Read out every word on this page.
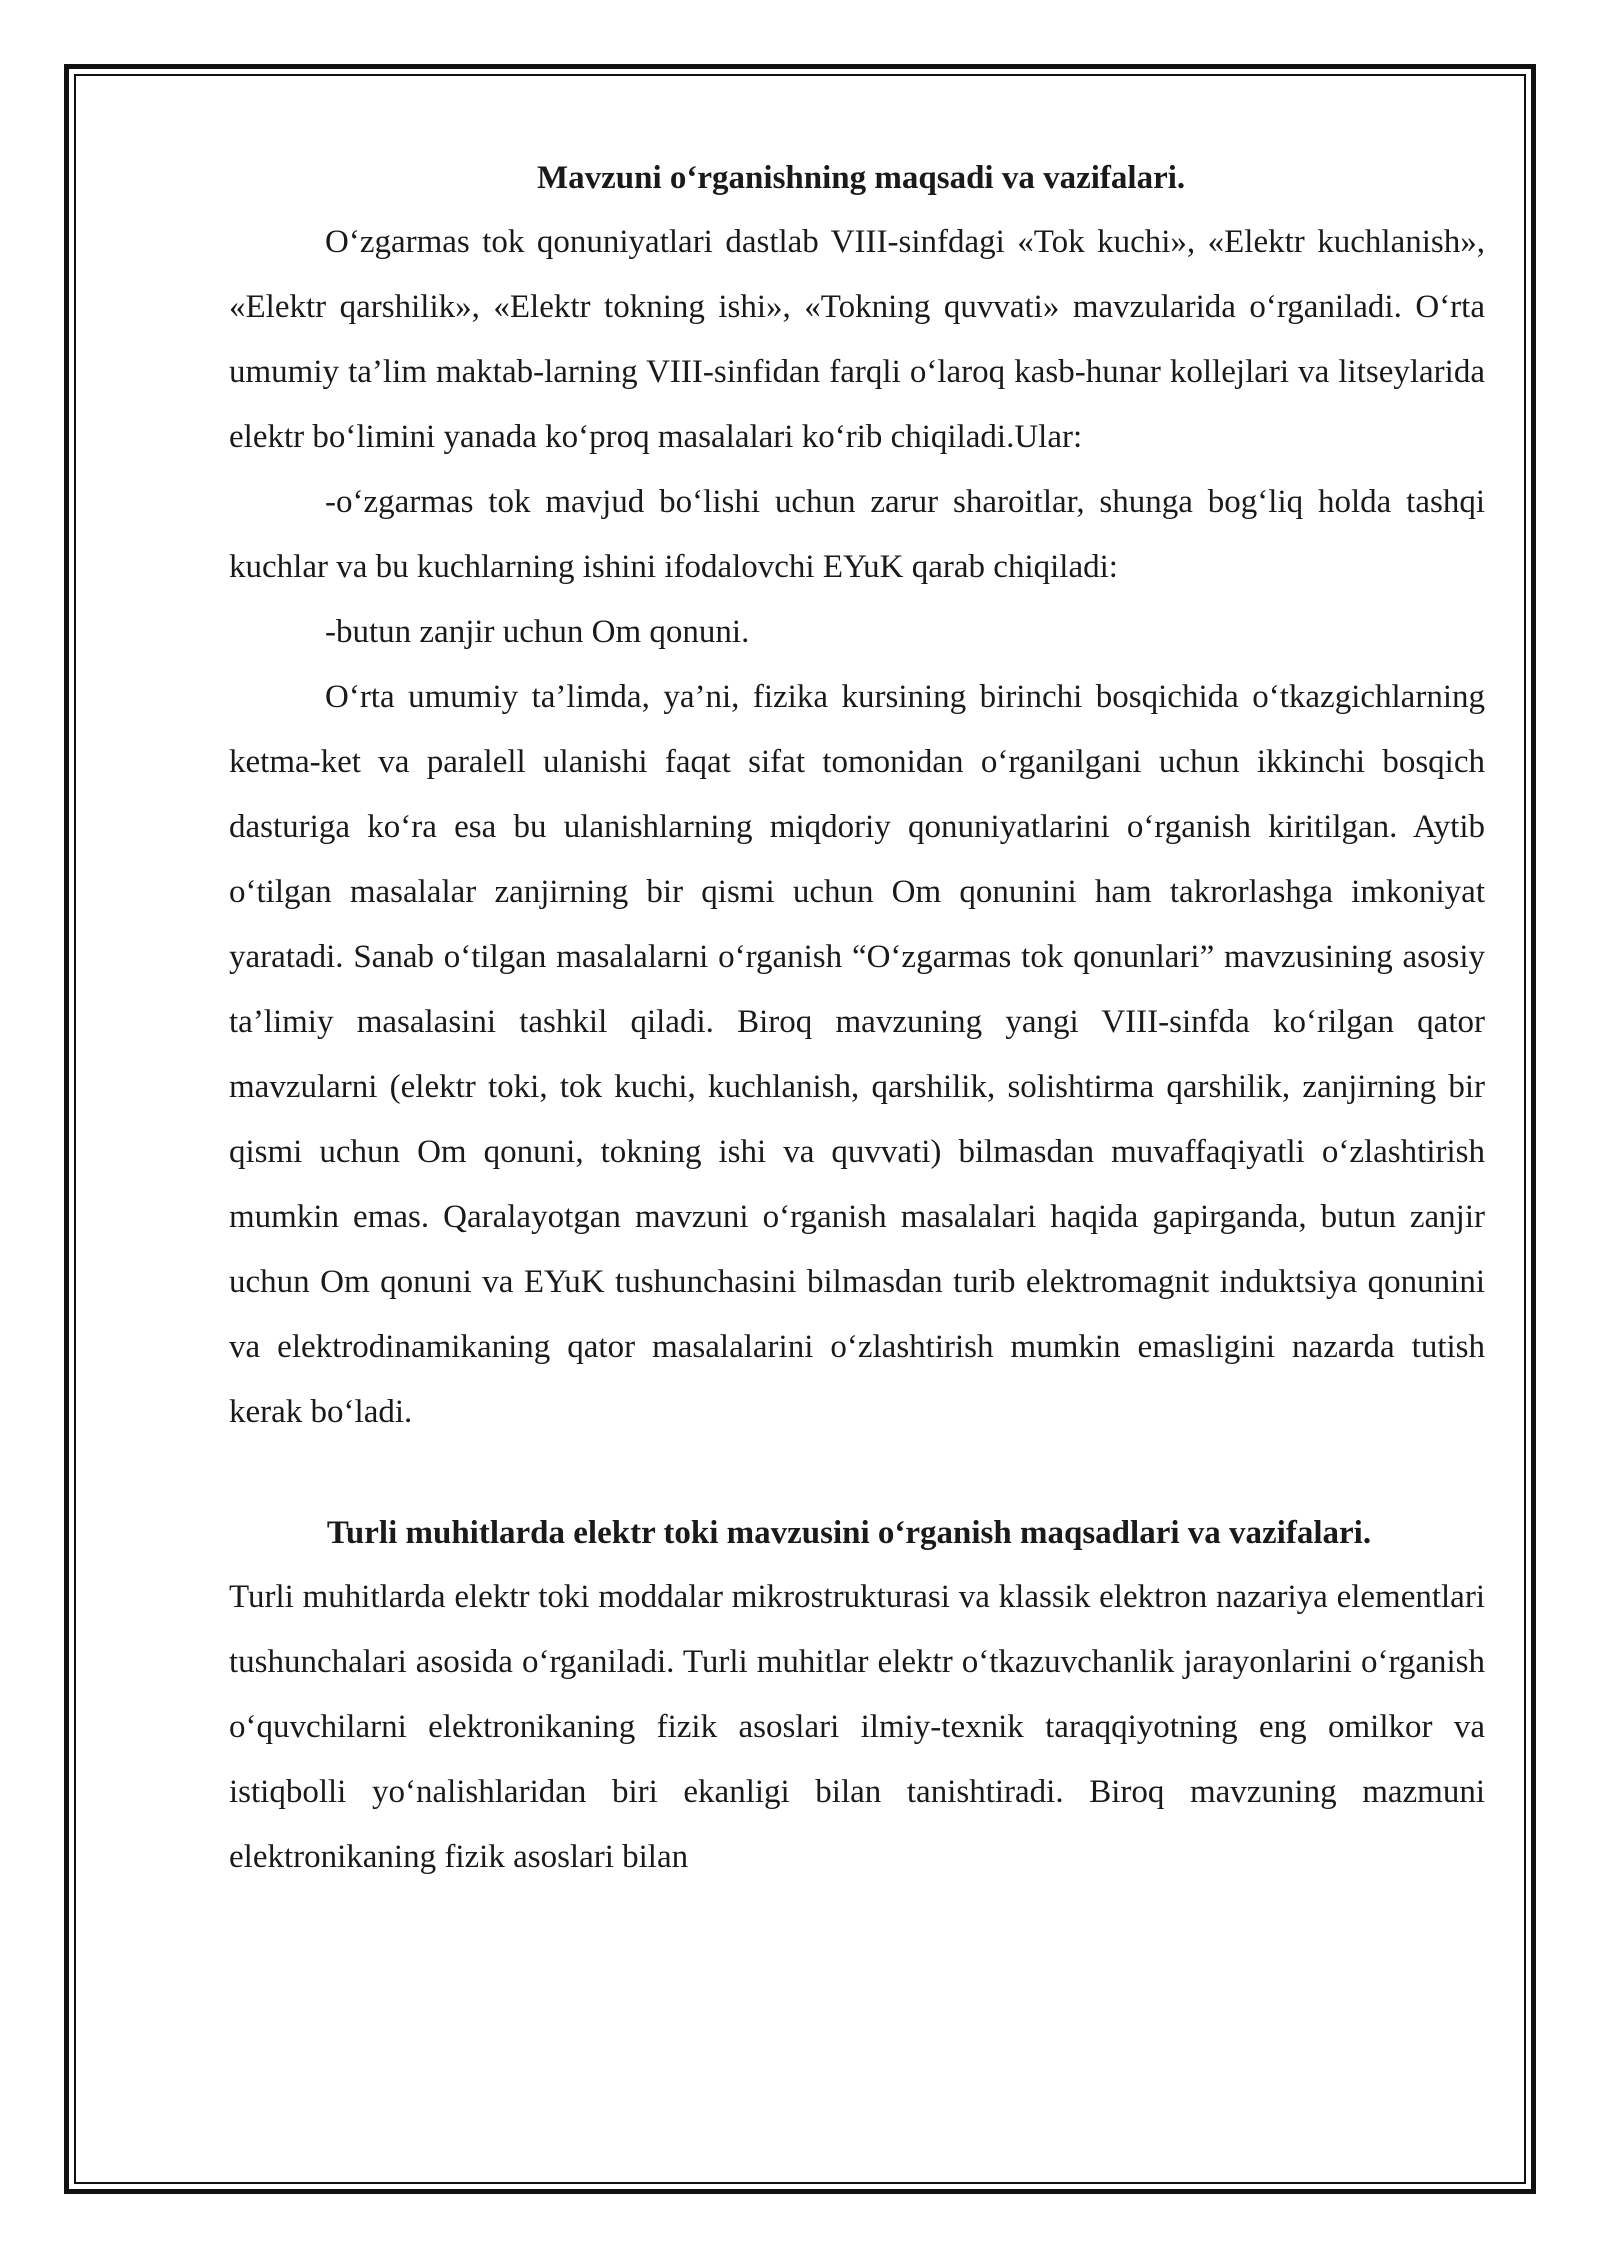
Mavzuni o‘rganishning maqsadi va vazifalari.

O‘zgarmas tok qonuniyatlari dastlab VIII-sinfdagi «Tok kuchi», «Elektr kuchlanish», «Elektr qarshilik», «Elektr tokning ishi», «Tokning quvvati» mavzularida o‘rganiladi. O‘rta umumiy ta’lim maktab-larning VIII-sinfidan farqli o‘laroq kasb-hunar kollejlari va litseylarida elektr bo‘limini yanada ko‘proq masalalari ko‘rib chiqiladi.Ular:

-o‘zgarmas tok mavjud bo‘lishi uchun zarur sharoitlar, shunga bog‘liq holda tashqi kuchlar va bu kuchlarning ishini ifodalovchi EYuK qarab chiqiladi:

-butun zanjir uchun Om qonuni.

O‘rta umumiy ta’limda, ya’ni, fizika kursining birinchi bosqichida o‘tkazgichlarning ketma-ket va paralell ulanishi faqat sifat tomonidan o‘rganilgani uchun ikkinchi bosqich dasturiga ko‘ra esa bu ulanishlarning miqdoriy qonuniyatlarini o‘rganish kiritilgan. Aytib o‘tilgan masalalar zanjirning bir qismi uchun Om qonunini ham takrorlashga imkoniyat yaratadi. Sanab o‘tilgan masalalarni o‘rganish “O‘zgarmas tok qonunlari” mavzusining asosiy ta’limiy masalasini tashkil qiladi. Biroq mavzuning yangi VIII-sinfda ko‘rilgan qator mavzularni (elektr toki, tok kuchi, kuchlanish, qarshilik, solishtirma qarshilik, zanjirning bir qismi uchun Om qonuni, tokning ishi va quvvati) bilmasdan muvaffaqiyatli o‘zlashtirish mumkin emas. Qaralayotgan mavzuni o‘rganish masalalari haqida gapirganda, butun zanjir uchun Om qonuni va EYuK tushunchasini bilmasdan turib elektromagnit induktsiya qonunini va elektrodinamikaning qator masalalarini o‘zlashtirish mumkin emasligini nazarda tutish kerak bo‘ladi.

Turli muhitlarda elektr toki mavzusini o‘rganish maqsadlari va vazifalari.

Turli muhitlarda elektr toki moddalar mikrostrukturasi va klassik elektron nazariya elementlari tushunchalari asosida o‘rganiladi. Turli muhitlar elektr o‘tkazuvchanlik jarayonlarini o‘rganish o‘quvchilarni elektronikaning fizik asoslari ilmiy-texnik taraqqiyotning eng omilkor va istiqbolli yo‘nalishlaridan biri ekanligi bilan tanishtiradi. Biroq mavzuning mazmuni elektronikaning fizik asoslari bilan
